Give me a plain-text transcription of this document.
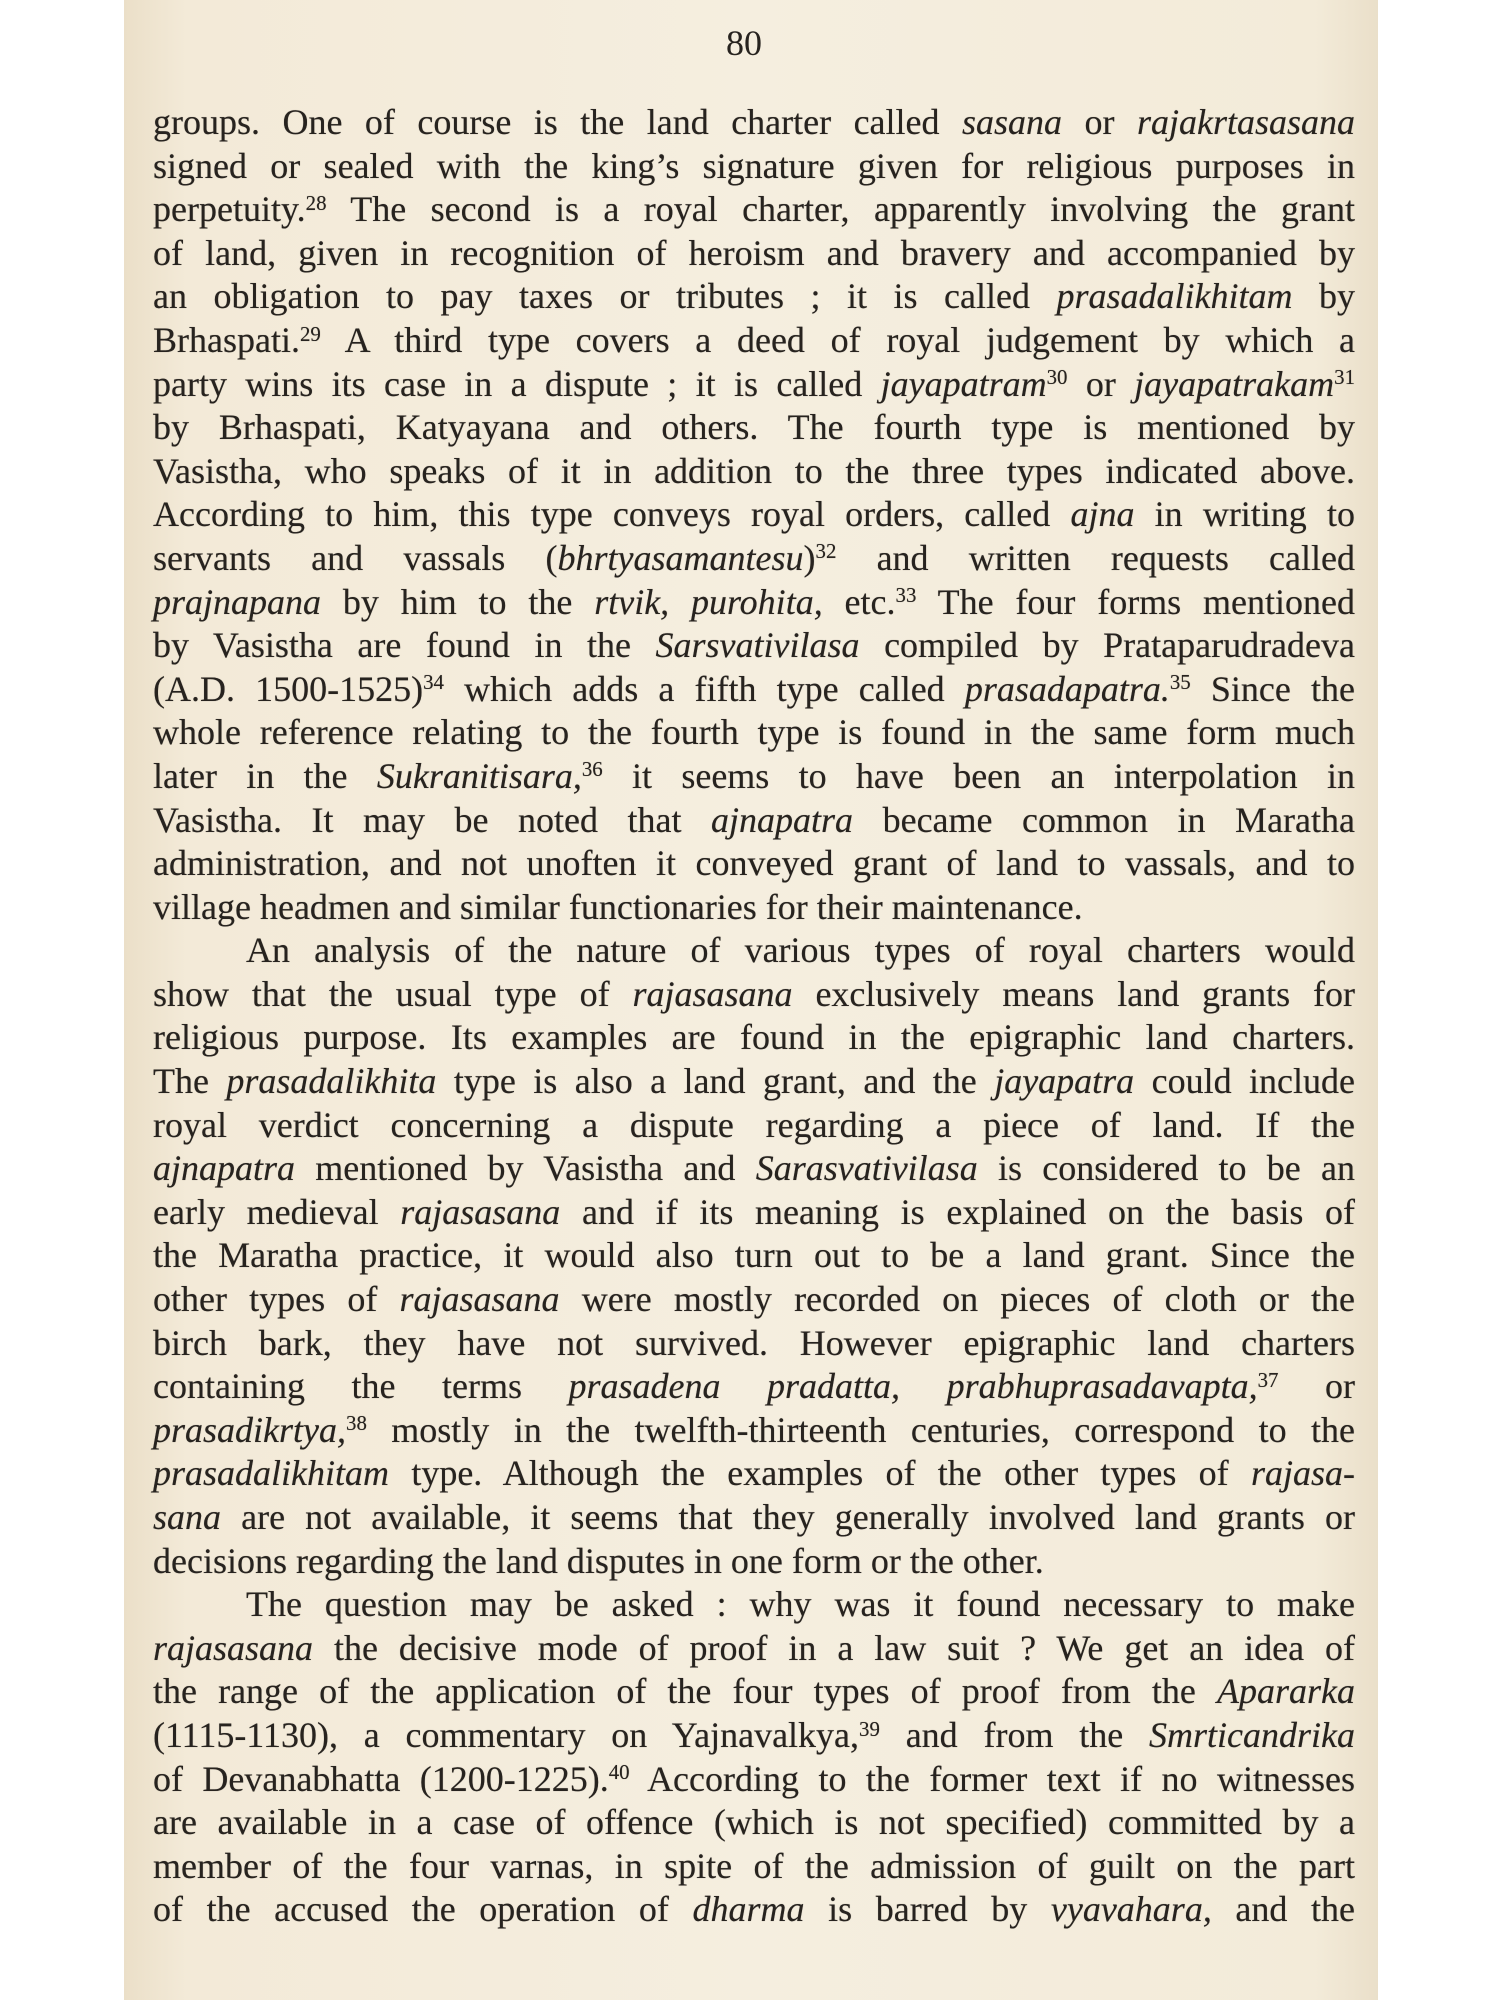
80
groups. One of course is the land charter called sasana or rajakrtasasana
signed or sealed with the king’s signature given for religious purposes in
perpetuity.$^{28}$ The second is a royal charter, apparently involving the grant
of land, given in recognition of heroism and bravery and accompanied by
an obligation to pay taxes or tributes ; it is called prasadalikhitam by
Brhaspati.$^{29}$ A third type covers a deed of royal judgement by which a
party wins its case in a dispute ; it is called jayapatram$^{30}$ or jayapatrakam$^{31}$
by Brhaspati, Katyayana and others. The fourth type is mentioned by
Vasistha, who speaks of it in addition to the three types indicated above.
According to him, this type conveys royal orders, called ajna in writing to
servants and vassals (bhrtyasamantesu)$^{32}$ and written requests called
prajnapana by him to the rtvik, purohita, etc.$^{33}$ The four forms mentioned
by Vasistha are found in the Sarsvativilasa compiled by Prataparudradeva
(A.D. 1500-1525)$^{34}$ which adds a fifth type called prasadapatra.$^{35}$ Since the
whole reference relating to the fourth type is found in the same form much
later in the Sukranitisara,$^{36}$ it seems to have been an interpolation in
Vasistha. It may be noted that ajnapatra became common in Maratha
administration, and not unoften it conveyed grant of land to vassals, and to
village headmen and similar functionaries for their maintenance.
An analysis of the nature of various types of royal charters would
show that the usual type of rajasasana exclusively means land grants for
religious purpose. Its examples are found in the epigraphic land charters.
The prasadalikhita type is also a land grant, and the jayapatra could include
royal verdict concerning a dispute regarding a piece of land. If the
ajnapatra mentioned by Vasistha and Sarasvativilasa is considered to be an
early medieval rajasasana and if its meaning is explained on the basis of
the Maratha practice, it would also turn out to be a land grant. Since the
other types of rajasasana were mostly recorded on pieces of cloth or the
birch bark, they have not survived. However epigraphic land charters
containing the terms prasadena pradatta, prabhuprasadavapta,$^{37}$ or
prasadikrtya,$^{38}$ mostly in the twelfth-thirteenth centuries, correspond to the
prasadalikhitam type. Although the examples of the other types of rajasa-
sana are not available, it seems that they generally involved land grants or
decisions regarding the land disputes in one form or the other.
The question may be asked : why was it found necessary to make
rajasasana the decisive mode of proof in a law suit ? We get an idea of
the range of the application of the four types of proof from the Apararka
(1115-1130), a commentary on Yajnavalkya,$^{39}$ and from the Smrticandrika
of Devanabhatta (1200-1225).$^{40}$ According to the former text if no witnesses
are available in a case of offence (which is not specified) committed by a
member of the four varnas, in spite of the admission of guilt on the part
of the accused the operation of dharma is barred by vyavahara, and the
